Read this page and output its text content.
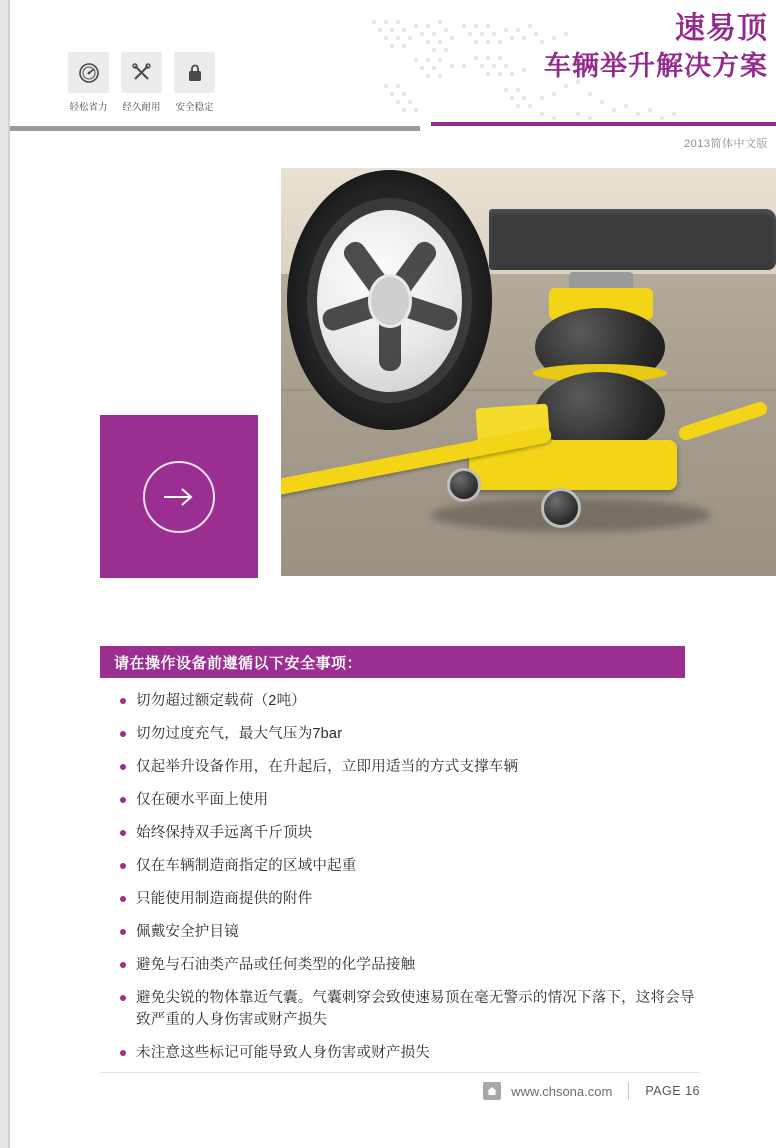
速易顶
车辆举升解决方案
2013简体中文版
轻松省力 经久耐用 安全稳定
请在操作设备前遵循以下安全事项：
切勿超过额定载荷（2吨）
切勿过度充气，最大气压为7bar
仅起举升设备作用，在升起后，立即用适当的方式支撑车辆
仅在硬水平面上使用
始终保持双手远离千斤顶块
仅在车辆制造商指定的区域中起重
只能使用制造商提供的附件
佩戴安全护目镜
避免与石油类产品或任何类型的化学品接触
避免尖锐的物体靠近气囊。气囊刺穿会致使速易顶在毫无警示的情况下落下，这将会导致严重的人身伤害或财产损失
未注意这些标记可能导致人身伤害或财产损失
www.chsona.com	PAGE 16
